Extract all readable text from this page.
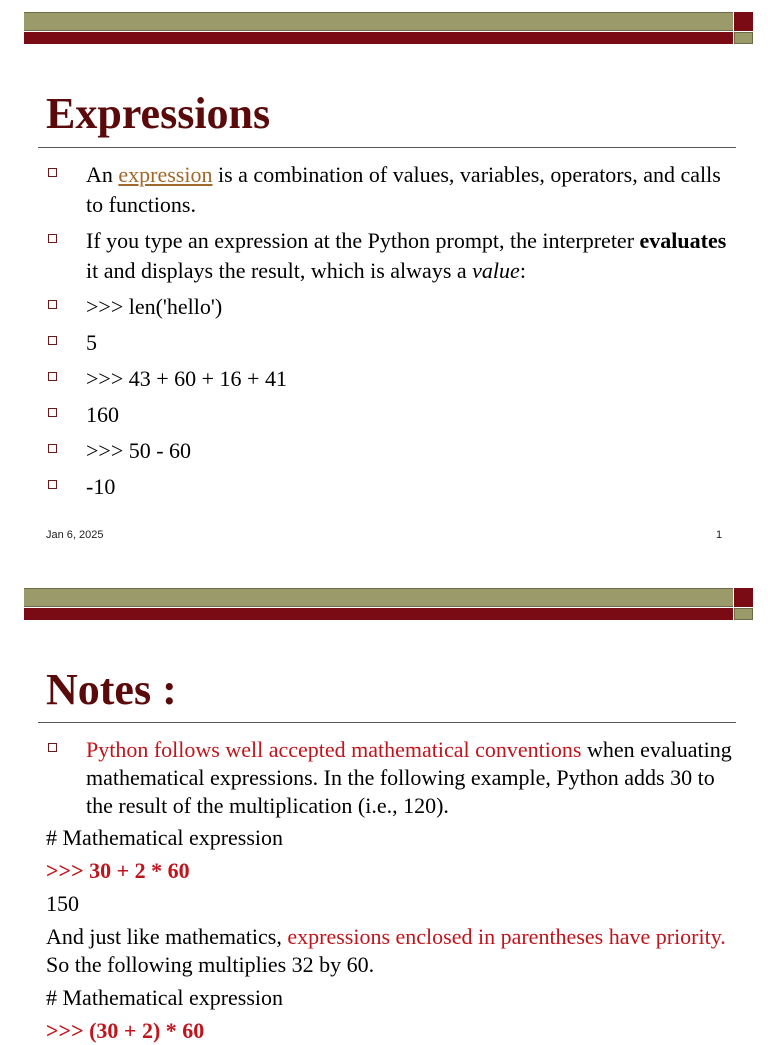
Expressions
An expression is a combination of values, variables, operators, and calls to functions.
If you type an expression at the Python prompt, the interpreter evaluates it and displays the result, which is always a value:
>>> len('hello')
5
>>> 43 + 60 + 16 + 41
160
>>> 50 - 60
-10
Jan 6, 2025	1
Notes :
Python follows well accepted mathematical conventions when evaluating mathematical expressions. In the following example, Python adds 30 to the result of the multiplication (i.e., 120).

# Mathematical expression

>>> 30 + 2 * 60

150

And just like mathematics, expressions enclosed in parentheses have priority. So the following multiplies 32 by 60.

# Mathematical expression

>>> (30 + 2) * 60
